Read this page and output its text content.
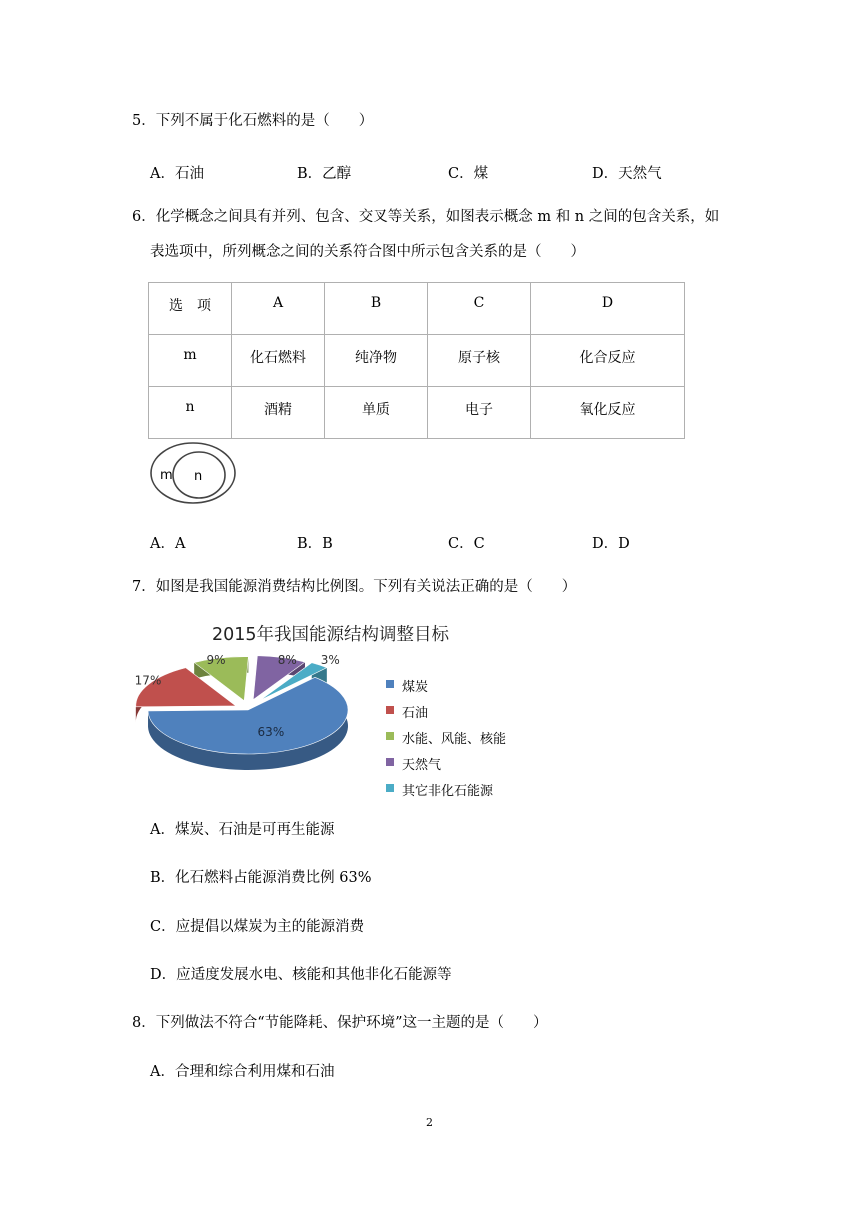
5．下列不属于化石燃料的是（　　）
A．石油	B．乙醇	C．煤	D．天然气
6．化学概念之间具有并列、包含、交叉等关系，如图表示概念 m 和 n 之间的包含关系，如
表选项中，所列概念之间的关系符合图中所示包含关系的是（　　）
选　项	A	B	C	D
m	化石燃料	纯净物	原子核	化合反应
n	酒精	单质	电子	氧化反应
m n
A．A	B．B	C．C	D．D
7．如图是我国能源消费结构比例图。下列有关说法正确的是（　　）
2015年我国能源结构调整目标
63%
17%
9%	8% 3%
煤炭
石油
水能、风能、核能
天然气
其它非化石能源
A．煤炭、石油是可再生能源
B．化石燃料占能源消费比例 63%
C．应提倡以煤炭为主的能源消费
D．应适度发展水电、核能和其他非化石能源等
8．下列做法不符合“节能降耗、保护环境”这一主题的是（　　）
A．合理和综合利用煤和石油
2
